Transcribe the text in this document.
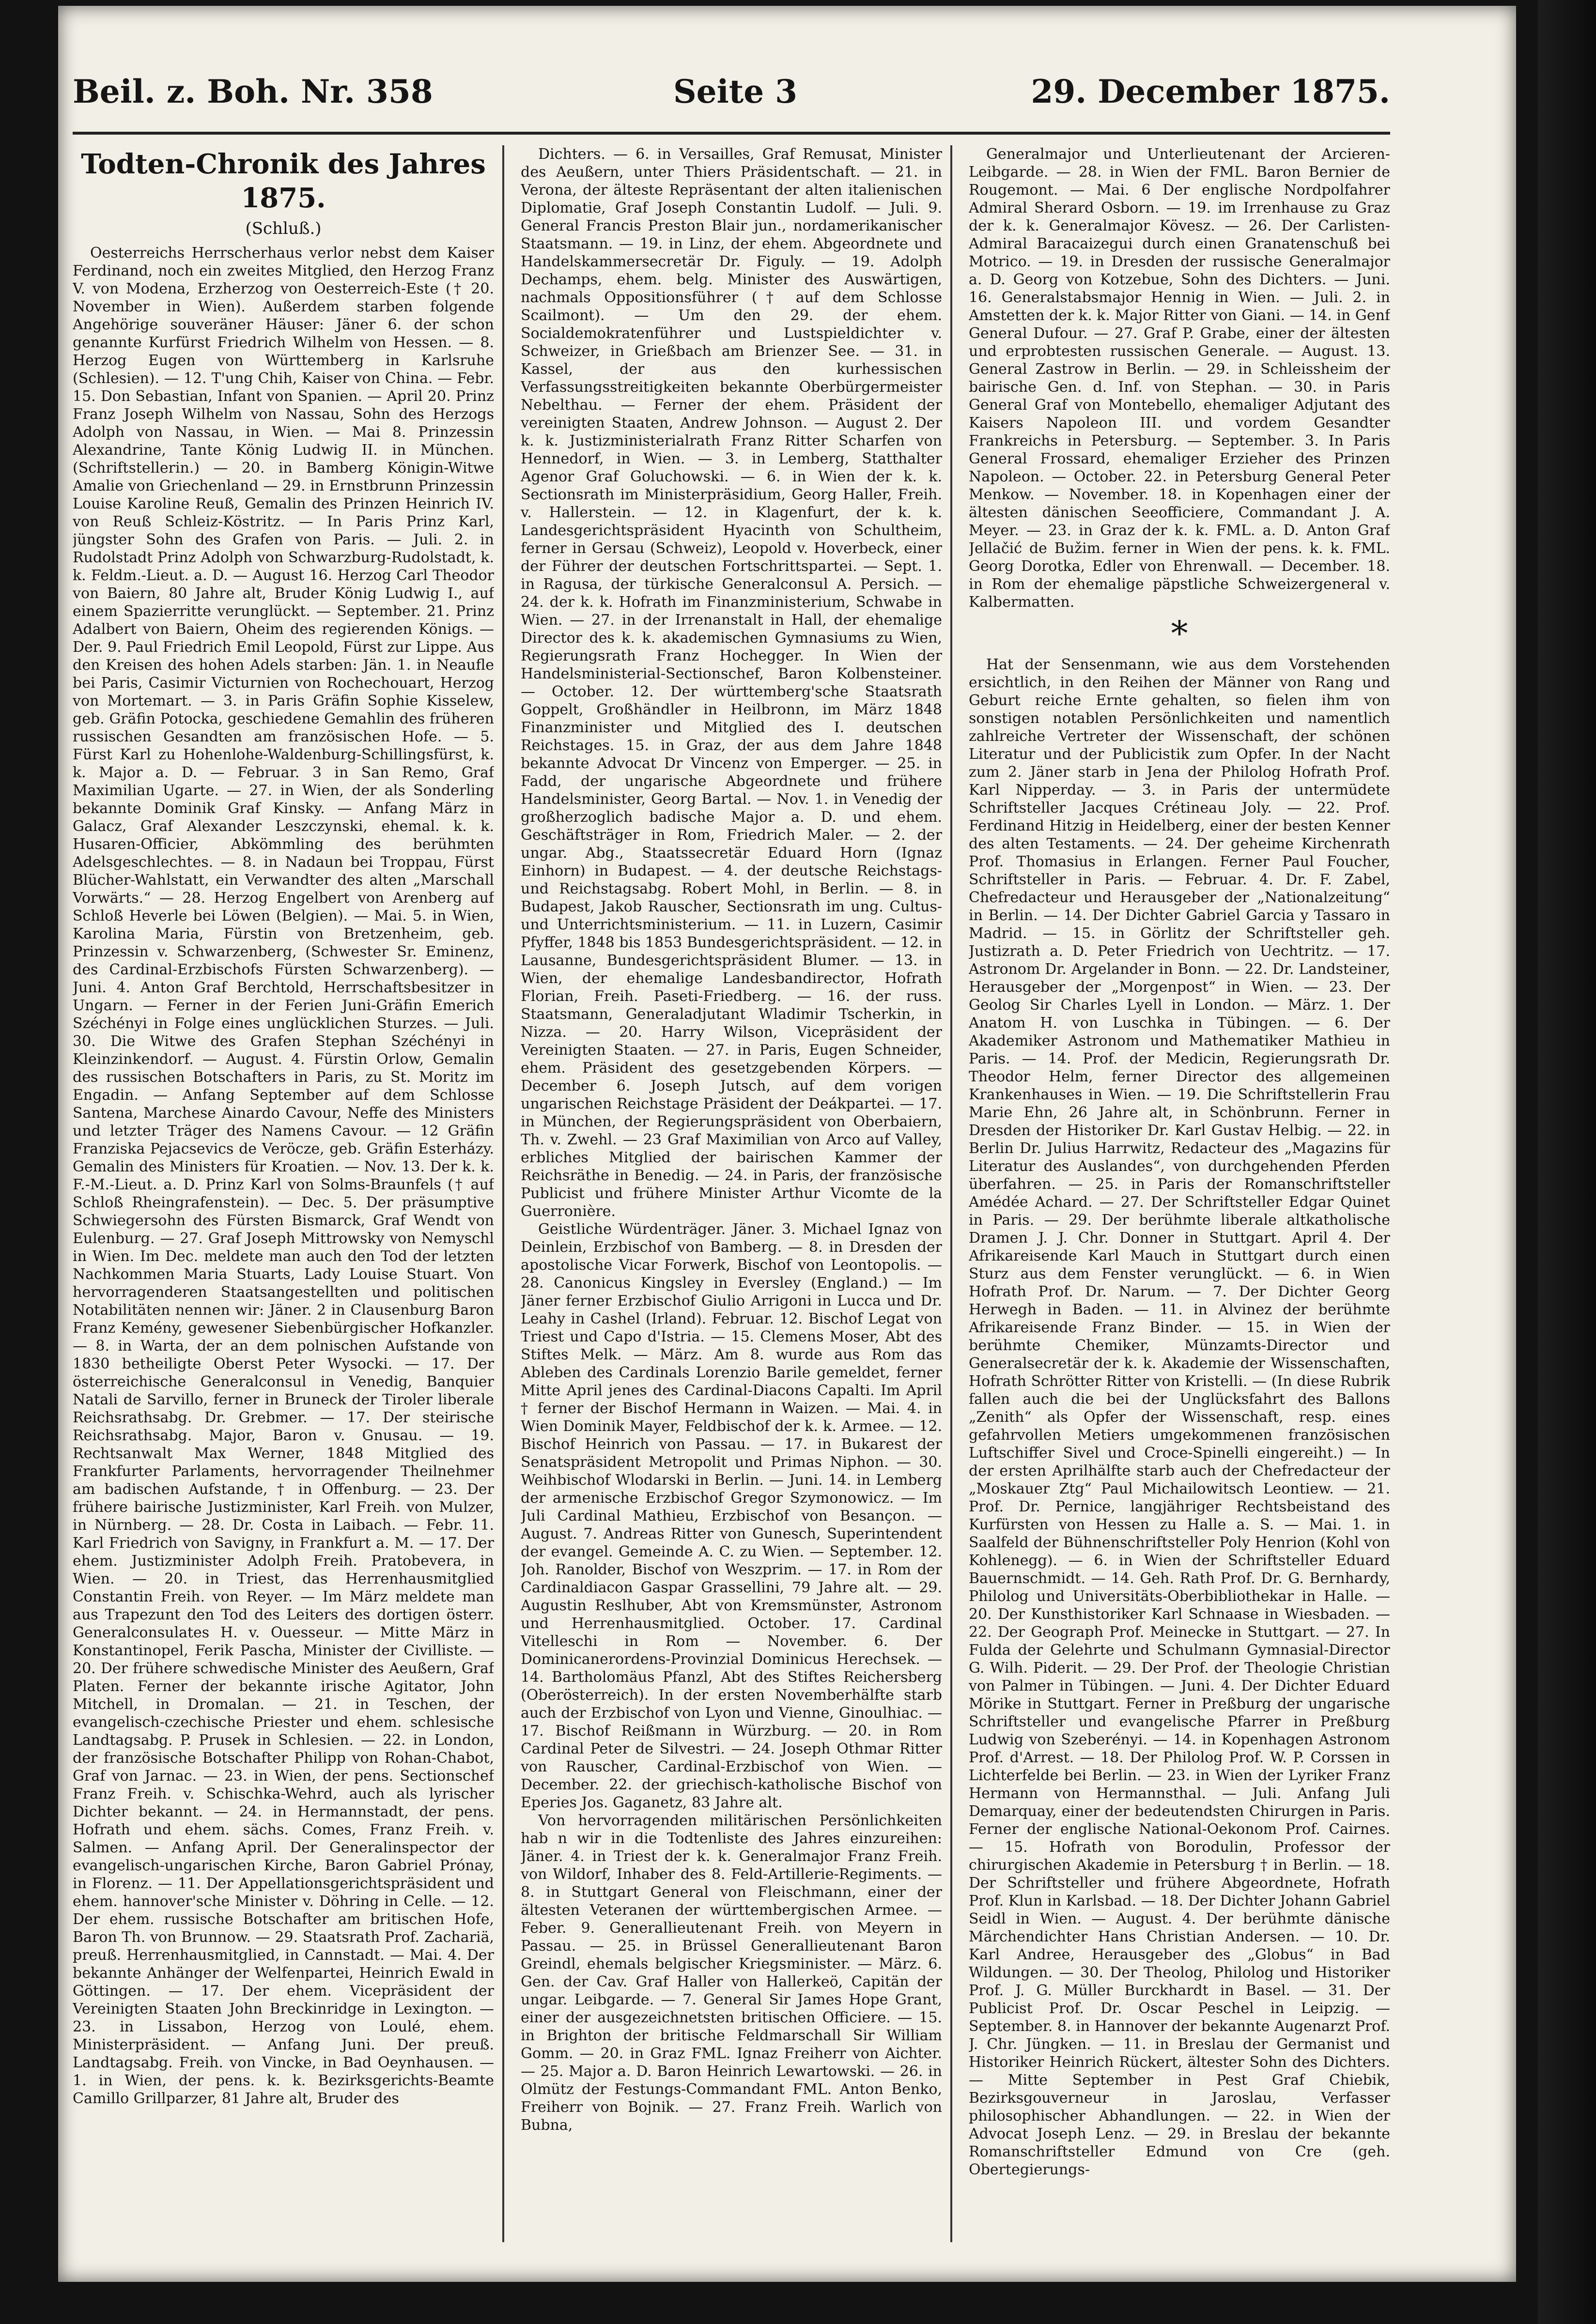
Beil. z. Boh. Nr. 358	Seite 3	29. December 1875.
Todten-Chronik des Jahres 1875.
(Schluß.)

Oesterreichs Herrscherhaus verlor nebst dem Kaiser Ferdinand, noch ein zweites Mitglied, den Herzog Franz V. von Modena, Erzherzog von Oesterreich-Este († 20. November in Wien). Außerdem starben folgende Angehörige souveräner Häuser: Jäner 6. der schon genannte Kurfürst Friedrich Wilhelm von Hessen. — 8. Herzog Eugen von Württemberg in Karlsruhe (Schlesien). — 12. T'ung Chih, Kaiser von China. — Febr. 15. Don Sebastian, Infant von Spanien. — April 20. Prinz Franz Joseph Wilhelm von Nassau, Sohn des Herzogs Adolph von Nassau, in Wien. — Mai 8. Prinzessin Alexandrine, Tante König Ludwig II. in München. (Schriftstellerin.) — 20. in Bamberg Königin-Witwe Amalie von Griechenland — 29. in Ernstbrunn Prinzessin Louise Karoline Reuß, Gemalin des Prinzen Heinrich IV. von Reuß Schleiz-Köstritz. — In Paris Prinz Karl, jüngster Sohn des Grafen von Paris. — Juli. 2. in Rudolstadt Prinz Adolph von Schwarzburg-Rudolstadt, k. k. Feldm.-Lieut. a. D. — August 16. Herzog Carl Theodor von Baiern, 80 Jahre alt, Bruder König Ludwig I., auf einem Spazierritte verunglückt. — September. 21. Prinz Adalbert von Baiern, Oheim des regierenden Königs. — Der. 9. Paul Friedrich Emil Leopold, Fürst zur Lippe. Aus den Kreisen des hohen Adels starben: Jän. 1. in Neaufle bei Paris, Casimir Victurnien von Rochechouart, Herzog von Mortemart. — 3. in Paris Gräfin Sophie Kisselew, geb. Gräfin Potocka, geschiedene Gemahlin des früheren russischen Gesandten am französischen Hofe. — 5. Fürst Karl zu Hohenlohe-Waldenburg-Schillingsfürst, k. k. Major a. D. — Februar. 3 in San Remo, Graf Maximilian Ugarte. — 27. in Wien, der als Sonderling bekannte Dominik Graf Kinsky. — Anfang März in Galacz, Graf Alexander Leszczynski, ehemal. k. k. Husaren-Officier, Abkömmling des berühmten Adelsgeschlechtes. — 8. in Nadaun bei Troppau, Fürst Blücher-Wahlstatt, ein Verwandter des alten „Marschall Vorwärts.“ — 28. Herzog Engelbert von Arenberg auf Schloß Heverle bei Löwen (Belgien). — Mai. 5. in Wien, Karolina Maria, Fürstin von Bretzenheim, geb. Prinzessin v. Schwarzenberg, (Schwester Sr. Eminenz, des Cardinal-Erzbischofs Fürsten Schwarzenberg). — Juni. 4. Anton Graf Berchtold, Herrschaftsbesitzer in Ungarn. — Ferner in der Ferien Juni-Gräfin Emerich Széchényi in Folge eines unglücklichen Sturzes. — Juli. 30. Die Witwe des Grafen Stephan Széchényi in Kleinzinkendorf. — August. 4. Fürstin Orlow, Gemalin des russischen Botschafters in Paris, zu St. Moritz im Engadin. — Anfang September auf dem Schlosse Santena, Marchese Ainardo Cavour, Neffe des Ministers und letzter Träger des Namens Cavour. — 12 Gräfin Franziska Pejacsevics de Veröcze, geb. Gräfin Esterházy. Gemalin des Ministers für Kroatien. — Nov. 13. Der k. k. F.-M.-Lieut. a. D. Prinz Karl von Solms-Braunfels († auf Schloß Rheingrafenstein). — Dec. 5. Der präsumptive Schwiegersohn des Fürsten Bismarck, Graf Wendt von Eulenburg. — 27. Graf Joseph Mittrowsky von Nemyschl in Wien. Im Dec. meldete man auch den Tod der letzten Nachkommen Maria Stuarts, Lady Louise Stuart. Von hervorragenderen Staatsangestellten und politischen Notabilitäten nennen wir: Jäner. 2 in Clausenburg Baron Franz Kemény, gewesener Siebenbürgischer Hofkanzler. — 8. in Warta, der an dem polnischen Aufstande von 1830 betheiligte Oberst Peter Wysocki. — 17. Der österreichische Generalconsul in Venedig, Banquier Natali de Sarvillo, ferner in Bruneck der Tiroler liberale Reichsrathsabg. Dr. Grebmer. — 17. Der steirische Reichsrathsabg. Major, Baron v. Gnusau. — 19. Rechtsanwalt Max Werner, 1848 Mitglied des Frankfurter Parlaments, hervorragender Theilnehmer am badischen Aufstande, † in Offenburg. — 23. Der frühere bairische Justizminister, Karl Freih. von Mulzer, in Nürnberg. — 28. Dr. Costa in Laibach. — Febr. 11. Karl Friedrich von Savigny, in Frankfurt a. M. — 17. Der ehem. Justizminister Adolph Freih. Pratobevera, in Wien. — 20. in Triest, das Herrenhausmitglied Constantin Freih. von Reyer. — Im März meldete man aus Trapezunt den Tod des Leiters des dortigen österr. Generalconsulates H. v. Ouesseur. — Mitte März in Konstantinopel, Ferik Pascha, Minister der Civilliste. — 20. Der frühere schwedische Minister des Aeußern, Graf Platen. Ferner der bekannte irische Agitator, John Mitchell, in Dromalan. — 21. in Teschen, der evangelisch-czechische Priester und ehem. schlesische Landtagsabg. P. Prusek in Schlesien. — 22. in London, der französische Botschafter Philipp von Rohan-Chabot, Graf von Jarnac. — 23. in Wien, der pens. Sectionschef Franz Freih. v. Schischka-Wehrd, auch als lyrischer Dichter bekannt. — 24. in Hermannstadt, der pens. Hofrath und ehem. sächs. Comes, Franz Freih. v. Salmen. — Anfang April. Der Generalinspector der evangelisch-ungarischen Kirche, Baron Gabriel Prónay, in Florenz. — 11. Der Appellationsgerichtspräsident und ehem. hannover'sche Minister v. Döhring in Celle. — 12. Der ehem. russische Botschafter am britischen Hofe, Baron Th. von Brunnow. — 29. Staatsrath Prof. Zachariä, preuß. Herrenhausmitglied, in Cannstadt. — Mai. 4. Der bekannte Anhänger der Welfenpartei, Heinrich Ewald in Göttingen. — 17. Der ehem. Vicepräsident der Vereinigten Staaten John Breckinridge in Lexington. — 23. in Lissabon, Herzog von Loulé, ehem. Ministerpräsident. — Anfang Juni. Der preuß. Landtagsabg. Freih. von Vincke, in Bad Oeynhausen. — 1. in Wien, der pens. k. k. Bezirksgerichts-Beamte Camillo Grillparzer, 81 Jahre alt, Bruder des

Dichters. — 6. in Versailles, Graf Remusat, Minister des Aeußern, unter Thiers Präsidentschaft. — 21. in Verona, der älteste Repräsentant der alten italienischen Diplomatie, Graf Joseph Constantin Ludolf. — Juli. 9. General Francis Preston Blair jun., nordamerikanischer Staatsmann. — 19. in Linz, der ehem. Abgeordnete und Handelskammersecretär Dr. Figuly. — 19. Adolph Dechamps, ehem. belg. Minister des Auswärtigen, nachmals Oppositionsführer († auf dem Schlosse Scailmont). — Um den 29. der ehem. Socialdemokratenführer und Lustspieldichter v. Schweizer, in Grießbach am Brienzer See. — 31. in Kassel, der aus den kurhessischen Verfassungsstreitigkeiten bekannte Oberbürgermeister Nebelthau. — Ferner der ehem. Präsident der vereinigten Staaten, Andrew Johnson. — August 2. Der k. k. Justizministerialrath Franz Ritter Scharfen von Hennedorf, in Wien. — 3. in Lemberg, Statthalter Agenor Graf Goluchowski. — 6. in Wien der k. k. Sectionsrath im Ministerpräsidium, Georg Haller, Freih. v. Hallerstein. — 12. in Klagenfurt, der k. k. Landesgerichtspräsident Hyacinth von Schultheim, ferner in Gersau (Schweiz), Leopold v. Hoverbeck, einer der Führer der deutschen Fortschrittspartei. — Sept. 1. in Ragusa, der türkische Generalconsul A. Persich. — 24. der k. k. Hofrath im Finanzministerium, Schwabe in Wien. — 27. in der Irrenanstalt in Hall, der ehemalige Director des k. k. akademischen Gymnasiums zu Wien, Regierungsrath Franz Hochegger. In Wien der Handelsministerial-Sectionschef, Baron Kolbensteiner. — October. 12. Der württemberg'sche Staatsrath Goppelt, Großhändler in Heilbronn, im März 1848 Finanzminister und Mitglied des I. deutschen Reichstages. 15. in Graz, der aus dem Jahre 1848 bekannte Advocat Dr Vincenz von Emperger. — 25. in Fadd, der ungarische Abgeordnete und frühere Handelsminister, Georg Bartal. — Nov. 1. in Venedig der großherzoglich badische Major a. D. und ehem. Geschäftsträger in Rom, Friedrich Maler. — 2. der ungar. Abg., Staatssecretär Eduard Horn (Ignaz Einhorn) in Budapest. — 4. der deutsche Reichstags- und Reichstagsabg. Robert Mohl, in Berlin. — 8. in Budapest, Jakob Rauscher, Sectionsrath im ung. Cultus- und Unterrichtsministerium. — 11. in Luzern, Casimir Pfyffer, 1848 bis 1853 Bundesgerichtspräsident. — 12. in Lausanne, Bundesgerichtspräsident Blumer. — 13. in Wien, der ehemalige Landesbandirector, Hofrath Florian, Freih. Paseti-Friedberg. — 16. der russ. Staatsmann, Generaladjutant Wladimir Tscherkin, in Nizza. — 20. Harry Wilson, Vicepräsident der Vereinigten Staaten. — 27. in Paris, Eugen Schneider, ehem. Präsident des gesetzgebenden Körpers. — December 6. Joseph Jutsch, auf dem vorigen ungarischen Reichstage Präsident der Deákpartei. — 17. in München, der Regierungspräsident von Oberbaiern, Th. v. Zwehl. — 23 Graf Maximilian von Arco auf Valley, erbliches Mitglied der bairischen Kammer der Reichsräthe in Benedig. — 24. in Paris, der französische Publicist und frühere Minister Arthur Vicomte de la Guerronière.

Geistliche Würdenträger. Jäner. 3. Michael Ignaz von Deinlein, Erzbischof von Bamberg. — 8. in Dresden der apostolische Vicar Forwerk, Bischof von Leontopolis. — 28. Canonicus Kingsley in Eversley (England.) — Im Jäner ferner Erzbischof Giulio Arrigoni in Lucca und Dr. Leahy in Cashel (Irland). Februar. 12. Bischof Legat von Triest und Capo d'Istria. — 15. Clemens Moser, Abt des Stiftes Melk. — März. Am 8. wurde aus Rom das Ableben des Cardinals Lorenzio Barile gemeldet, ferner Mitte April jenes des Cardinal-Diacons Capalti. Im April † ferner der Bischof Hermann in Waizen. — Mai. 4. in Wien Dominik Mayer, Feldbischof der k. k. Armee. — 12. Bischof Heinrich von Passau. — 17. in Bukarest der Senatspräsident Metropolit und Primas Niphon. — 30. Weihbischof Wlodarski in Berlin. — Juni. 14. in Lemberg der armenische Erzbischof Gregor Szymonowicz. — Im Juli Cardinal Mathieu, Erzbischof von Besançon. — August. 7. Andreas Ritter von Gunesch, Superintendent der evangel. Gemeinde A. C. zu Wien. — September. 12. Joh. Ranolder, Bischof von Weszprim. — 17. in Rom der Cardinaldiacon Gaspar Grassellini, 79 Jahre alt. — 29. Augustin Reslhuber, Abt von Kremsmünster, Astronom und Herrenhausmitglied. October. 17. Cardinal Vitelleschi in Rom — November. 6. Der Dominicanerordens-Provinzial Dominicus Herechsek. — 14. Bartholomäus Pfanzl, Abt des Stiftes Reichersberg (Oberösterreich). In der ersten Novemberhälfte starb auch der Erzbischof von Lyon und Vienne, Ginoulhiac. — 17. Bischof Reißmann in Würzburg. — 20. in Rom Cardinal Peter de Silvestri. — 24. Joseph Othmar Ritter von Rauscher, Cardinal-Erzbischof von Wien. — December. 22. der griechisch-katholische Bischof von Eperies Jos. Gaganetz, 83 Jahre alt.

Von hervorragenden militärischen Persönlichkeiten hab n wir in die Todtenliste des Jahres einzureihen: Jäner. 4. in Triest der k. k. Generalmajor Franz Freih. von Wildorf, Inhaber des 8. Feld-Artillerie-Regiments. — 8. in Stuttgart General von Fleischmann, einer der ältesten Veteranen der württembergischen Armee. — Feber. 9. Generallieutenant Freih. von Meyern in Passau. — 25. in Brüssel Generallieutenant Baron Greindl, ehemals belgischer Kriegsminister. — März. 6. Gen. der Cav. Graf Haller von Hallerkeö, Capitän der ungar. Leibgarde. — 7. General Sir James Hope Grant, einer der ausgezeichnetsten britischen Officiere. — 15. in Brighton der britische Feldmarschall Sir William Gomm. — 20. in Graz FML. Ignaz Freiherr von Aichter. — 25. Major a. D. Baron Heinrich Lewartowski. — 26. in Olmütz der Festungs-Commandant FML. Anton Benko, Freiherr von Bojnik. — 27. Franz Freih. Warlich von Bubna,

Generalmajor und Unterlieutenant der Arcieren-Leibgarde. — 28. in Wien der FML. Baron Bernier de Rougemont. — Mai. 6 Der englische Nordpolfahrer Admiral Sherard Osborn. — 19. im Irrenhause zu Graz der k. k. Generalmajor Kövesz. — 26. Der Carlisten-Admiral Baracaizegui durch einen Granatenschuß bei Motrico. — 19. in Dresden der russische Generalmajor a. D. Georg von Kotzebue, Sohn des Dichters. — Juni. 16. Generalstabsmajor Hennig in Wien. — Juli. 2. in Amstetten der k. k. Major Ritter von Giani. — 14. in Genf General Dufour. — 27. Graf P. Grabe, einer der ältesten und erprobtesten russischen Generale. — August. 13. General Zastrow in Berlin. — 29. in Schleissheim der bairische Gen. d. Inf. von Stephan. — 30. in Paris General Graf von Montebello, ehemaliger Adjutant des Kaisers Napoleon III. und vordem Gesandter Frankreichs in Petersburg. — September. 3. In Paris General Frossard, ehemaliger Erzieher des Prinzen Napoleon. — October. 22. in Petersburg General Peter Menkow. — November. 18. in Kopenhagen einer der ältesten dänischen Seeofficiere, Commandant J. A. Meyer. — 23. in Graz der k. k. FML. a. D. Anton Graf Jellačić de Bužim. ferner in Wien der pens. k. k. FML. Georg Dorotka, Edler von Ehrenwall. — December. 18. in Rom der ehemalige päpstliche Schweizergeneral v. Kalbermatten.

*

Hat der Sensenmann, wie aus dem Vorstehenden ersichtlich, in den Reihen der Männer von Rang und Geburt reiche Ernte gehalten, so fielen ihm von sonstigen notablen Persönlichkeiten und namentlich zahlreiche Vertreter der Wissenschaft, der schönen Literatur und der Publicistik zum Opfer. In der Nacht zum 2. Jäner starb in Jena der Philolog Hofrath Prof. Karl Nipperday. — 3. in Paris der untermüdete Schriftsteller Jacques Crétineau Joly. — 22. Prof. Ferdinand Hitzig in Heidelberg, einer der besten Kenner des alten Testaments. — 24. Der geheime Kirchenrath Prof. Thomasius in Erlangen. Ferner Paul Foucher, Schriftsteller in Paris. — Februar. 4. Dr. F. Zabel, Chefredacteur und Herausgeber der „Nationalzeitung“ in Berlin. — 14. Der Dichter Gabriel Garcia y Tassaro in Madrid. — 15. in Görlitz der Schriftsteller geh. Justizrath a. D. Peter Friedrich von Uechtritz. — 17. Astronom Dr. Argelander in Bonn. — 22. Dr. Landsteiner, Herausgeber der „Morgenpost“ in Wien. — 23. Der Geolog Sir Charles Lyell in London. — März. 1. Der Anatom H. von Luschka in Tübingen. — 6. Der Akademiker Astronom und Mathematiker Mathieu in Paris. — 14. Prof. der Medicin, Regierungsrath Dr. Theodor Helm, ferner Director des allgemeinen Krankenhauses in Wien. — 19. Die Schriftstellerin Frau Marie Ehn, 26 Jahre alt, in Schönbrunn. Ferner in Dresden der Historiker Dr. Karl Gustav Helbig. — 22. in Berlin Dr. Julius Harrwitz, Redacteur des „Magazins für Literatur des Auslandes“, von durchgehenden Pferden überfahren. — 25. in Paris der Romanschriftsteller Amédée Achard. — 27. Der Schriftsteller Edgar Quinet in Paris. — 29. Der berühmte liberale altkatholische Dramen J. J. Chr. Donner in Stuttgart. April 4. Der Afrikareisende Karl Mauch in Stuttgart durch einen Sturz aus dem Fenster verunglückt. — 6. in Wien Hofrath Prof. Dr. Narum. — 7. Der Dichter Georg Herwegh in Baden. — 11. in Alvinez der berühmte Afrikareisende Franz Binder. — 15. in Wien der berühmte Chemiker, Münzamts-Director und Generalsecretär der k. k. Akademie der Wissenschaften, Hofrath Schrötter Ritter von Kristelli. — (In diese Rubrik fallen auch die bei der Unglücksfahrt des Ballons „Zenith“ als Opfer der Wissenschaft, resp. eines gefahrvollen Metiers umgekommenen französischen Luftschiffer Sivel und Croce-Spinelli eingereiht.) — In der ersten Aprilhälfte starb auch der Chefredacteur der „Moskauer Ztg“ Paul Michailowitsch Leontiew. — 21. Prof. Dr. Pernice, langjähriger Rechtsbeistand des Kurfürsten von Hessen zu Halle a. S. — Mai. 1. in Saalfeld der Bühnenschriftsteller Poly Henrion (Kohl von Kohlenegg). — 6. in Wien der Schriftsteller Eduard Bauernschmidt. — 14. Geh. Rath Prof. Dr. G. Bernhardy, Philolog und Universitäts-Oberbibliothekar in Halle. — 20. Der Kunsthistoriker Karl Schnaase in Wiesbaden. — 22. Der Geograph Prof. Meinecke in Stuttgart. — 27. In Fulda der Gelehrte und Schulmann Gymnasial-Director G. Wilh. Piderit. — 29. Der Prof. der Theologie Christian von Palmer in Tübingen. — Juni. 4. Der Dichter Eduard Mörike in Stuttgart. Ferner in Preßburg der ungarische Schriftsteller und evangelische Pfarrer in Preßburg Ludwig von Szeberényi. — 14. in Kopenhagen Astronom Prof. d'Arrest. — 18. Der Philolog Prof. W. P. Corssen in Lichterfelde bei Berlin. — 23. in Wien der Lyriker Franz Hermann von Hermannsthal. — Juli. Anfang Juli Demarquay, einer der bedeutendsten Chirurgen in Paris. Ferner der englische National-Oekonom Prof. Cairnes. — 15. Hofrath von Borodulin, Professor der chirurgischen Akademie in Petersburg † in Berlin. — 18. Der Schriftsteller und frühere Abgeordnete, Hofrath Prof. Klun in Karlsbad. — 18. Der Dichter Johann Gabriel Seidl in Wien. — August. 4. Der berühmte dänische Märchendichter Hans Christian Andersen. — 10. Dr. Karl Andree, Herausgeber des „Globus“ in Bad Wildungen. — 30. Der Theolog, Philolog und Historiker Prof. J. G. Müller Burckhardt in Basel. — 31. Der Publicist Prof. Dr. Oscar Peschel in Leipzig. — September. 8. in Hannover der bekannte Augenarzt Prof. J. Chr. Jüngken. — 11. in Breslau der Germanist und Historiker Heinrich Rückert, ältester Sohn des Dichters. — Mitte September in Pest Graf Chiebik, Bezirksgouverneur in Jaroslau, Verfasser philosophischer Abhandlungen. — 22. in Wien der Advocat Joseph Lenz. — 29. in Breslau der bekannte Romanschriftsteller Edmund von Cre (geh. Obertegierungs-
